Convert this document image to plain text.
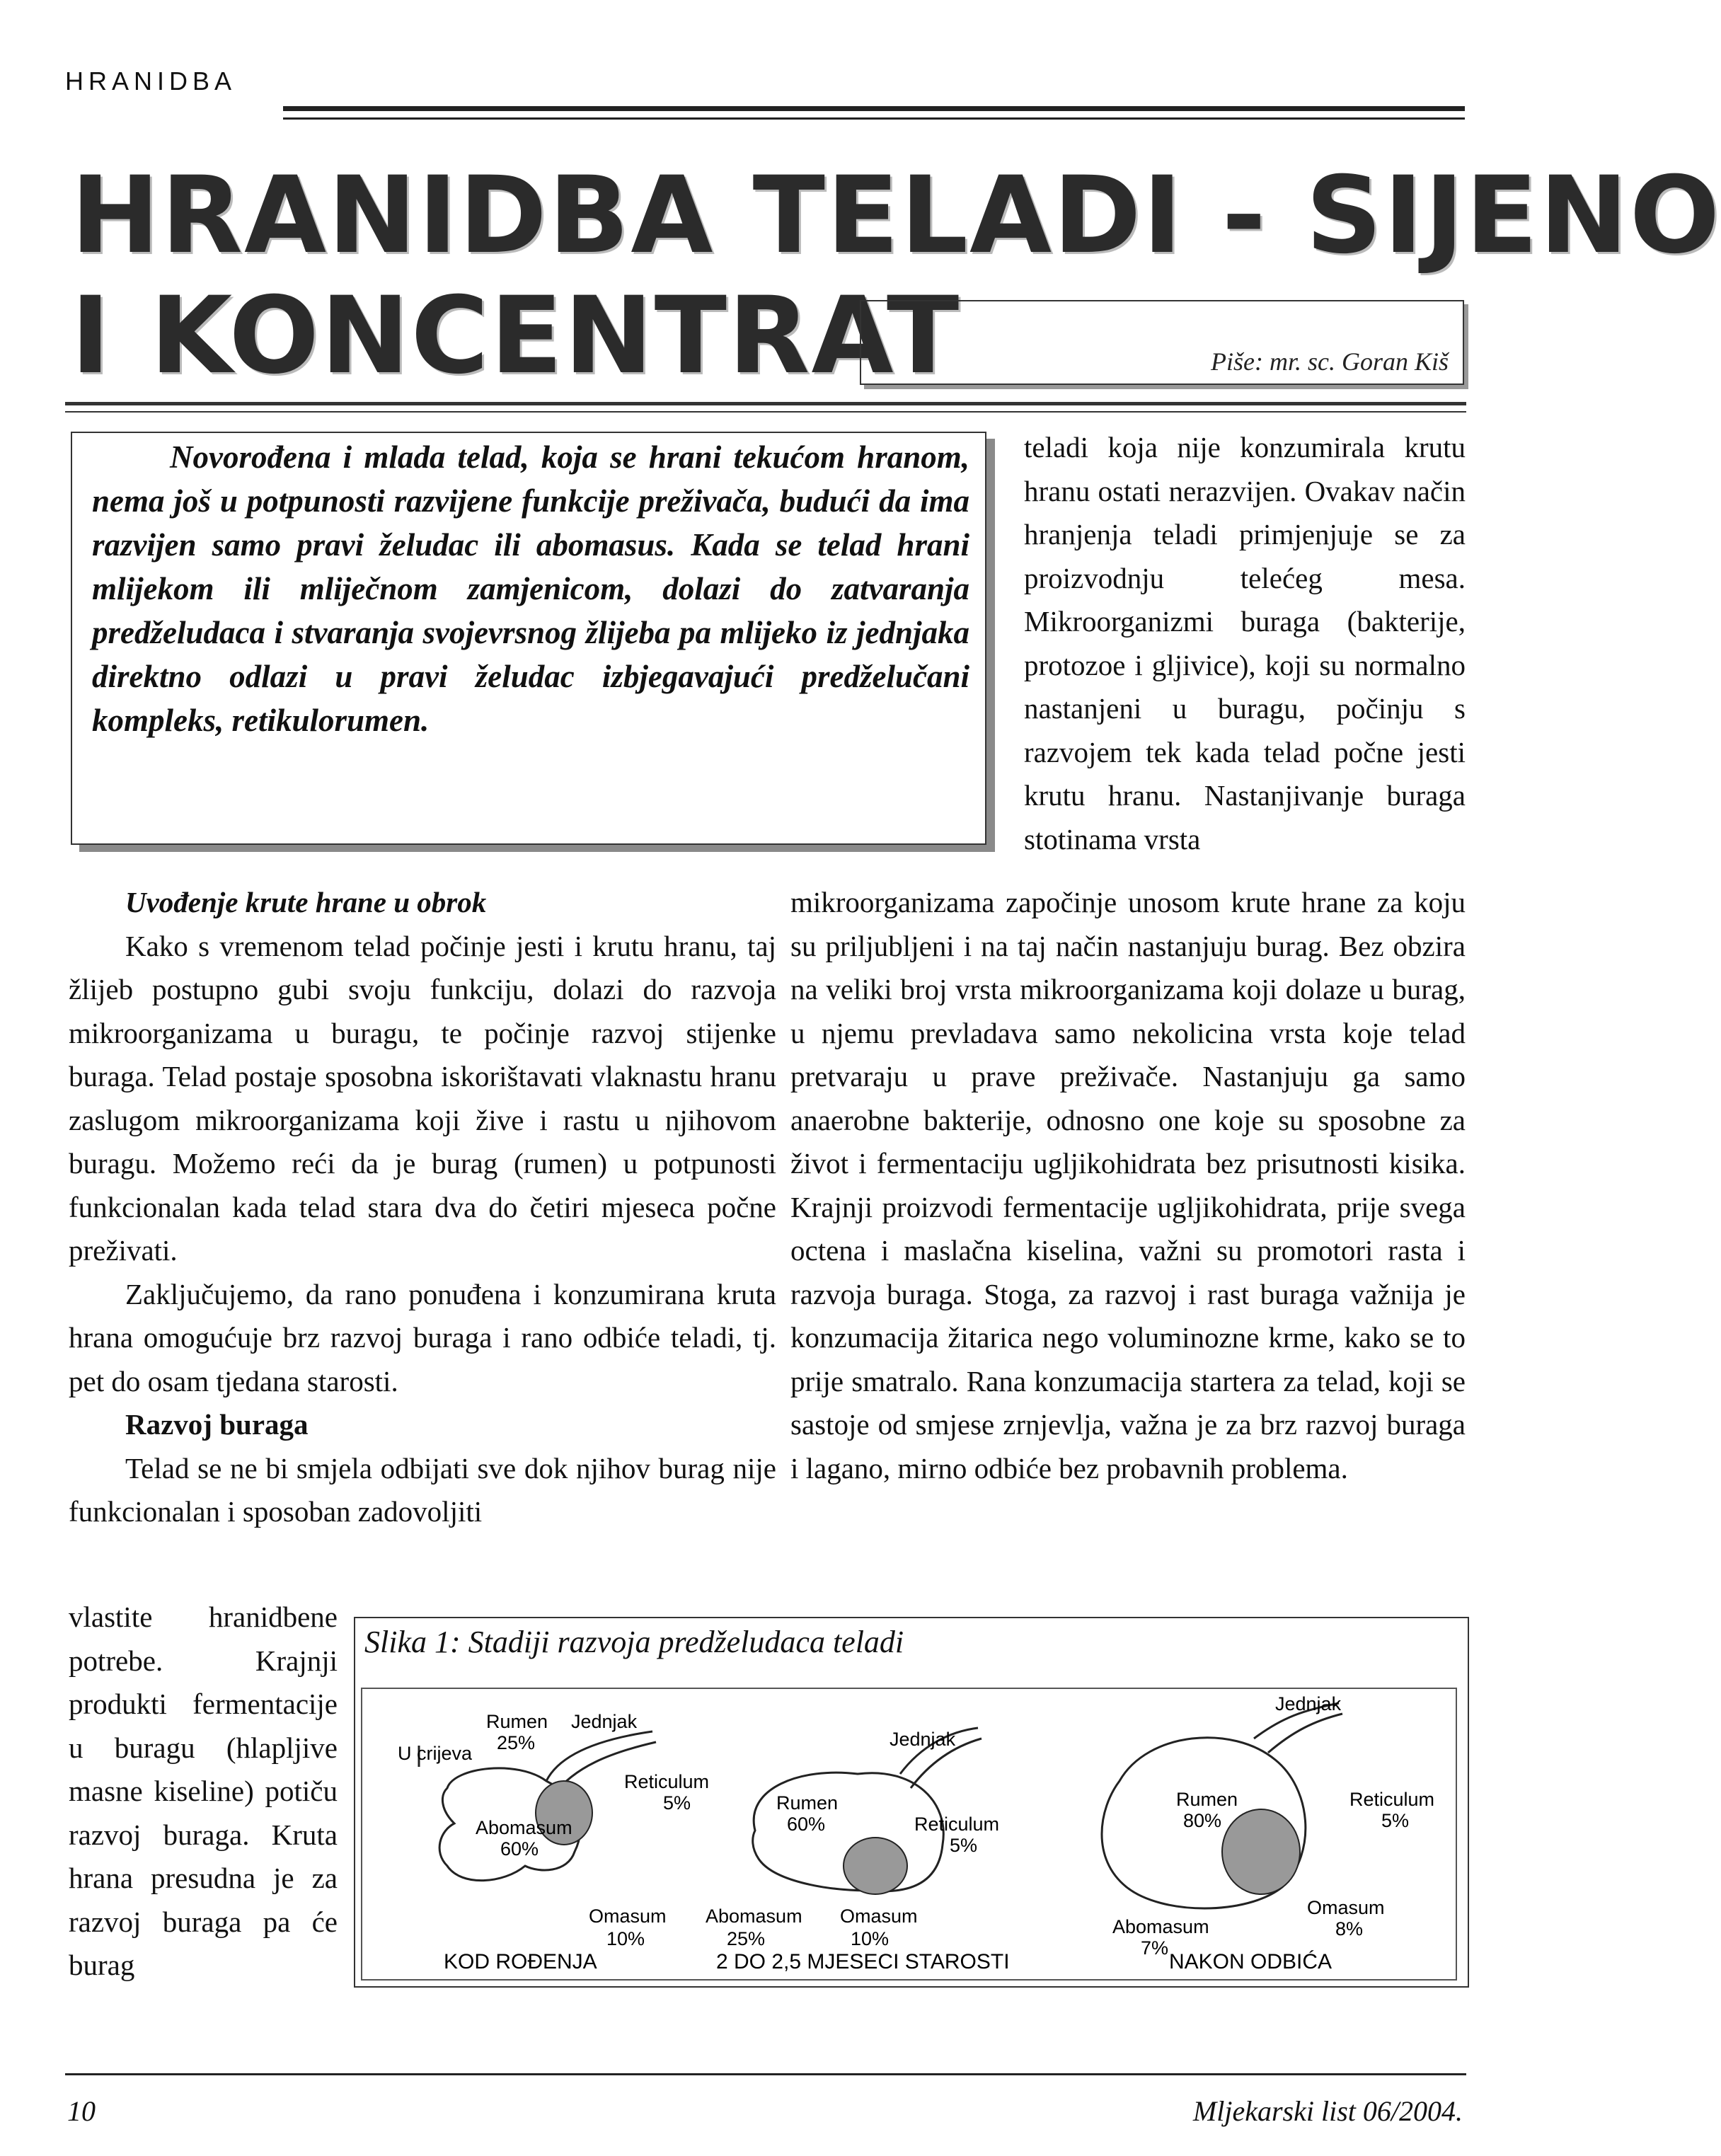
HRANIDBA
HRANIDBA TELADI - SIJENO
I KONCENTRAT	Piše: mr. sc. Goran Kiš
Novorođena i mlada telad, koja se hrani tekućom hranom, nema još u potpunosti razvijene funkcije preživača, budući da ima razvijen samo pravi želudac ili abomasus. Kada se telad hrani mlijekom ili mliječnom zamjenicom, dolazi do zatvaranja predželudaca i stvaranja svojevrsnog žlijeba pa mlijeko iz jednjaka direktno odlazi u pravi želudac izbjegavajući predželučani kompleks, retikulorumen.

teladi koja nije konzumirala krutu hranu ostati nerazvijen. Ovakav način hranjenja teladi primjenjuje se za proizvodnju telećeg mesa. Mikroorganizmi buraga (bakterije, protozoe i gljivice), koji su normalno nastanjeni u buragu, počinju s razvojem tek kada telad počne jesti krutu hranu. Nastanjivanje buraga stotinama vrsta

Uvođenje krute hrane u obrok

Kako s vremenom telad počinje jesti i krutu hranu, taj žlijeb postupno gubi svoju funkciju, dolazi do razvoja mikroorganizama u buragu, te počinje razvoj stijenke buraga. Telad postaje sposobna iskorištavati vlaknastu hranu zaslugom mikroorganizama koji žive i rastu u njihovom buragu. Možemo reći da je burag (rumen) u potpunosti funkcionalan kada telad stara dva do četiri mjeseca počne preživati.

Zaključujemo, da rano ponuđena i konzumirana kruta hrana omogućuje brz razvoj buraga i rano odbiće teladi, tj. pet do osam tjedana starosti.

Razvoj buraga

Telad se ne bi smjela odbijati sve dok njihov burag nije funkcionalan i sposoban zadovoljiti

vlastite hranidbene potrebe. Krajnji produkti fermentacije u buragu (hlapljive masne kiseline) potiču razvoj buraga. Kruta hrana presudna je za razvoj buraga pa će burag

mikroorganizama započinje unosom krute hrane za koju su priljubljeni i na taj način nastanjuju burag. Bez obzira na veliki broj vrsta mikroorganizama koji dolaze u burag, u njemu prevladava samo nekolicina vrsta koje telad pretvaraju u prave preživače. Nastanjuju ga samo anaerobne bakterije, odnosno one koje su sposobne za život i fermentaciju ugljikohidrata bez prisutnosti kisika. Krajnji proizvodi fermentacije ugljikohidrata, prije svega octena i maslačna kiselina, važni su promotori rasta i razvoja buraga. Stoga, za razvoj i rast buraga važnija je konzumacija žitarica nego voluminozne krme, kako se to prije smatralo. Rana konzumacija startera za telad, koji se sastoje od smjese zrnjevlja, važna je za brz razvoj buraga i lagano, mirno odbiće bez probavnih problema.

Slika 1: Stadiji razvoja predželudaca teladi
Rumen
25%
Jednjak
U crijeva
Reticulum
5%
Abomasum
60%
Omasum
10%
KOD ROĐENJA
Jednjak
Rumen
60%	Reticulum
5%
Abomasum
25%
Omasum
10%
2 DO 2,5 MJESECI STAROSTI
Jednjak
Rumen
80%
Reticulum
5%
Abomasum
7%
Omasum
8%
NAKON ODBIĆA
10	Mljekarski list 06/2004.
